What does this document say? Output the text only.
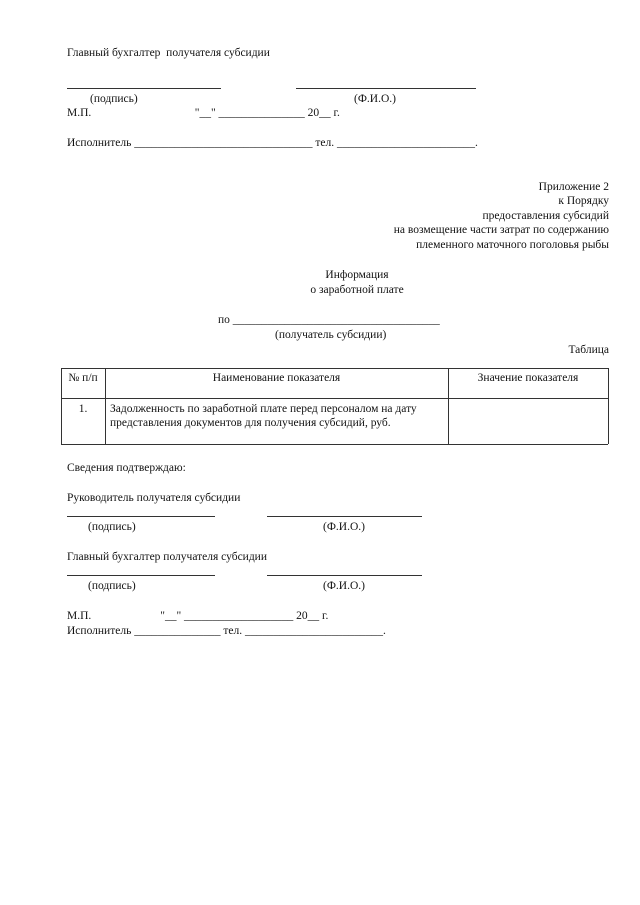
Главный бухгалтер  получателя субсидии
(подпись)	(Ф.И.О.)
М.П.                                    "__" _______________ 20__ г.
Исполнитель _______________________________ тел. ________________________.
Приложение 2
к Порядку
предоставления субсидий
на возмещение части затрат по содержанию
племенного маточного поголовья рыбы
Информация
о заработной плате
по ____________________________________
(получатель субсидии)
Таблица
№ п/п	Наименование показателя	Значение показателя
1.	Задолженность по заработной плате перед персоналом на дату представления документов для получения субсидий, руб.
Сведения подтверждаю:
Руководитель получателя субсидии
(подпись)	(Ф.И.О.)
Главный бухгалтер получателя субсидии
(подпись)	(Ф.И.О.)
М.П.                        "__" ___________________ 20__ г.
Исполнитель _______________ тел. ________________________.
